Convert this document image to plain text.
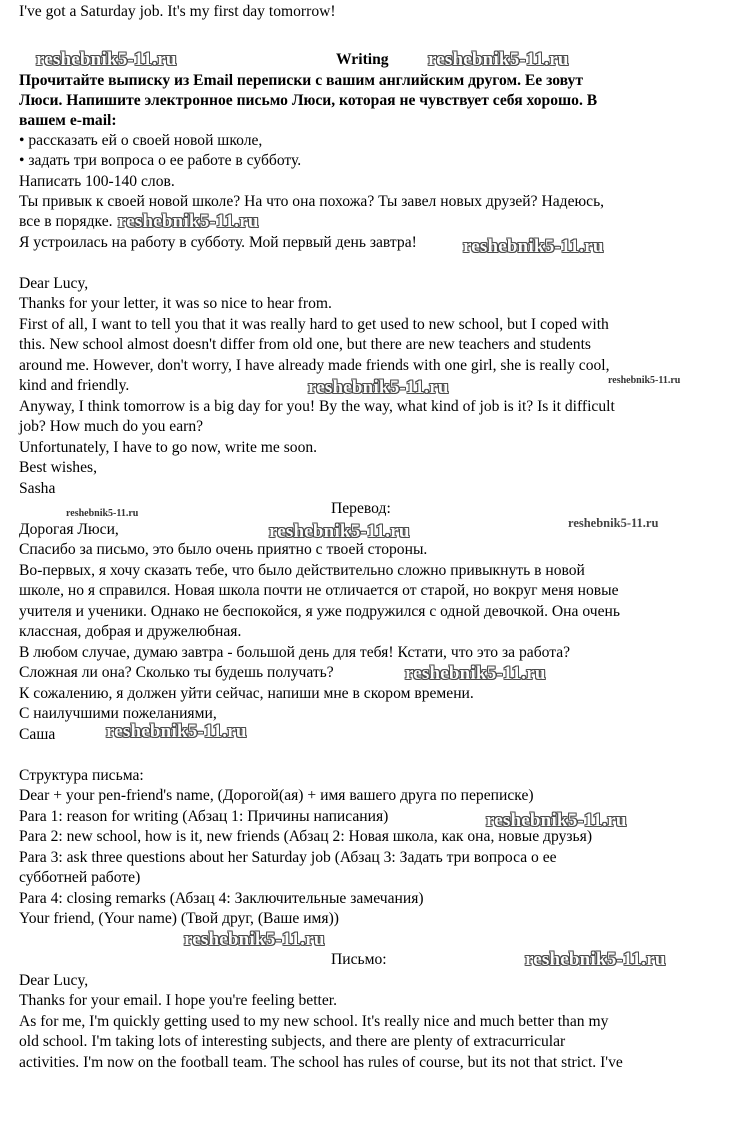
I've got a Saturday job. It's my first day tomorrow!
Writing
Прочитайте выписку из Email переписки с вашим английским другом. Ее зовут
Люси. Напишите электронное письмо Люси, которая не чувствует себя хорошо. В
вашем e-mail:
• рассказать ей о своей новой школе,
• задать три вопроса о ее работе в субботу.
Написать 100-140 слов.
Ты привык к своей новой школе? На что она похожа? Ты завел новых друзей? Надеюсь,
все в порядке.
Я устроилась на работу в субботу. Мой первый день завтра!
Dear Lucy,
Thanks for your letter, it was so nice to hear from.
First of all, I want to tell you that it was really hard to get used to new school, but I coped with
this. New school almost doesn't differ from old one, but there are new teachers and students
around me. However, don't worry, I have already made friends with one girl, she is really cool,
kind and friendly.
Anyway, I think tomorrow is a big day for you! By the way, what kind of job is it? Is it difficult
job? How much do you earn?
Unfortunately, I have to go now, write me soon.
Best wishes,
Sasha
Перевод:
Дорогая Люси,
Спасибо за письмо, это было очень приятно с твоей стороны.
Во-первых, я хочу сказать тебе, что было действительно сложно привыкнуть в новой
школе, но я справился. Новая школа почти не отличается от старой, но вокруг меня новые
учителя и ученики. Однако не беспокойся, я уже подружился с одной девочкой. Она очень
классная, добрая и дружелюбная.
В любом случае, думаю завтра - большой день для тебя! Кстати, что это за работа?
Сложная ли она? Сколько ты будешь получать?
К сожалению, я должен уйти сейчас, напиши мне в скором времени.
С наилучшими пожеланиями,
Саша
Структура письма:
Dear + your pen-friend's name, (Дорогой(ая) + имя вашего друга по переписке)
Para 1: reason for writing (Абзац 1: Причины написания)
Para 2: new school, how is it, new friends (Абзац 2: Новая школа, как она, новые друзья)
Para 3: ask three questions about her Saturday job (Абзац 3: Задать три вопроса о ее
субботней работе)
Para 4: closing remarks (Абзац 4: Заключительные замечания)
Your friend, (Your name) (Твой друг, (Ваше имя))
Письмо:
Dear Lucy,
Thanks for your email. I hope you're feeling better.
As for me, I'm quickly getting used to my new school. It's really nice and much better than my
old school. I'm taking lots of interesting subjects, and there are plenty of extracurricular
activities. I'm now on the football team. The school has rules of course, but its not that strict. I've
reshebnik5-11.ru	reshebnik5-11.ru
reshebnik5-11.ru
reshebnik5-11.ru
reshebnik5-11.ru	reshebnik5-11.ru
reshebnik5-11.ru
reshebnik5-11.ru	reshebnik5-11.ru
reshebnik5-11.ru
reshebnik5-11.ru
reshebnik5-11.ru
reshebnik5-11.ru
reshebnik5-11.ru
